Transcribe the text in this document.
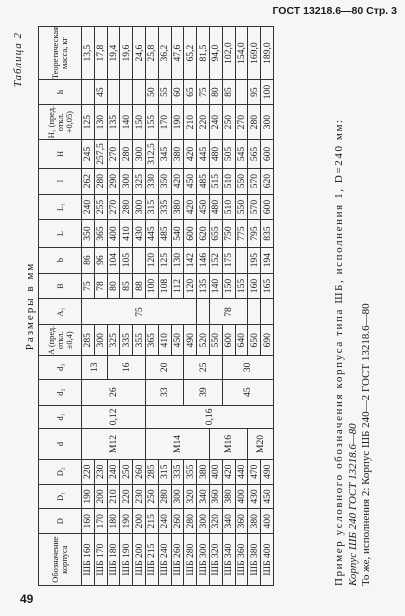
ГОСТ 13218.6—80 Стр. 3
Таблица 2
Размеры в мм
Обозначение корпуса	D	D₁	D₂	d	d₁	d₂	d₃	A (пред. откл. ±0,4)	A₁	B	b	L	L₁	l	H	H₁ (пред. откл. +0,05)	h	Теоретическая масса, кг
ШБ 160	160	190	220	M12	0,12	26	13	285	75	75	86	350	240	262	245	125		13,5
ШБ 170	170	200	230					300		78	96	365	255	280	257,5	130	45	17,8
ШБ 180	180	210	240				16	325		80	104	400	270	290	270	135		19,4
ШБ 190	190	220	250					335		85	105	410	280	300	280	140		19,6
ШБ 200	200	230	260					355		88		430	300	325	300	150		24,6
ШБ 215	215	250	285	M14	0,16	33	20	365		100	120	445	315	330	312,5	155	50	25,8
ШБ 240	240	280	315					410		108	125	485	335	350	345	170	55	36,2
ШБ 260	260	300	335					450		112	130	540	380	420	380	190	60	47,6
ШБ 280	280	320	355			39	25	490		120	142	600	420	450	420	210	65	65,2
ШБ 300	300	340	380					520		135	146	620	450	485	445	220	75	81,5
ШБ 320	320	360	400	M16				550	78	140	152	655	480	515	480	240	80	94,0
ШБ 340	340	380	420			45	30	600		150	175	750	510	510	505	250	85	102,0
ШБ 360	360	400	440					640		155		775	550	550	545	270		154,0
ШБ 380	380	430	470	M20				650		160	195	795	570	570	565	280	95	169,0
ШБ 400	400	450	490					690		165	194	835	600	620	600	300	100	189,0
Пример условного обозначения корпуса типа ШБ, исполнения 1, D=240 мм: Корпус ШБ 240 ГОСТ 13218.6—80 То же, исполнения 2: Корпус ШБ 240—2 ГОСТ 13218.6—80
49
